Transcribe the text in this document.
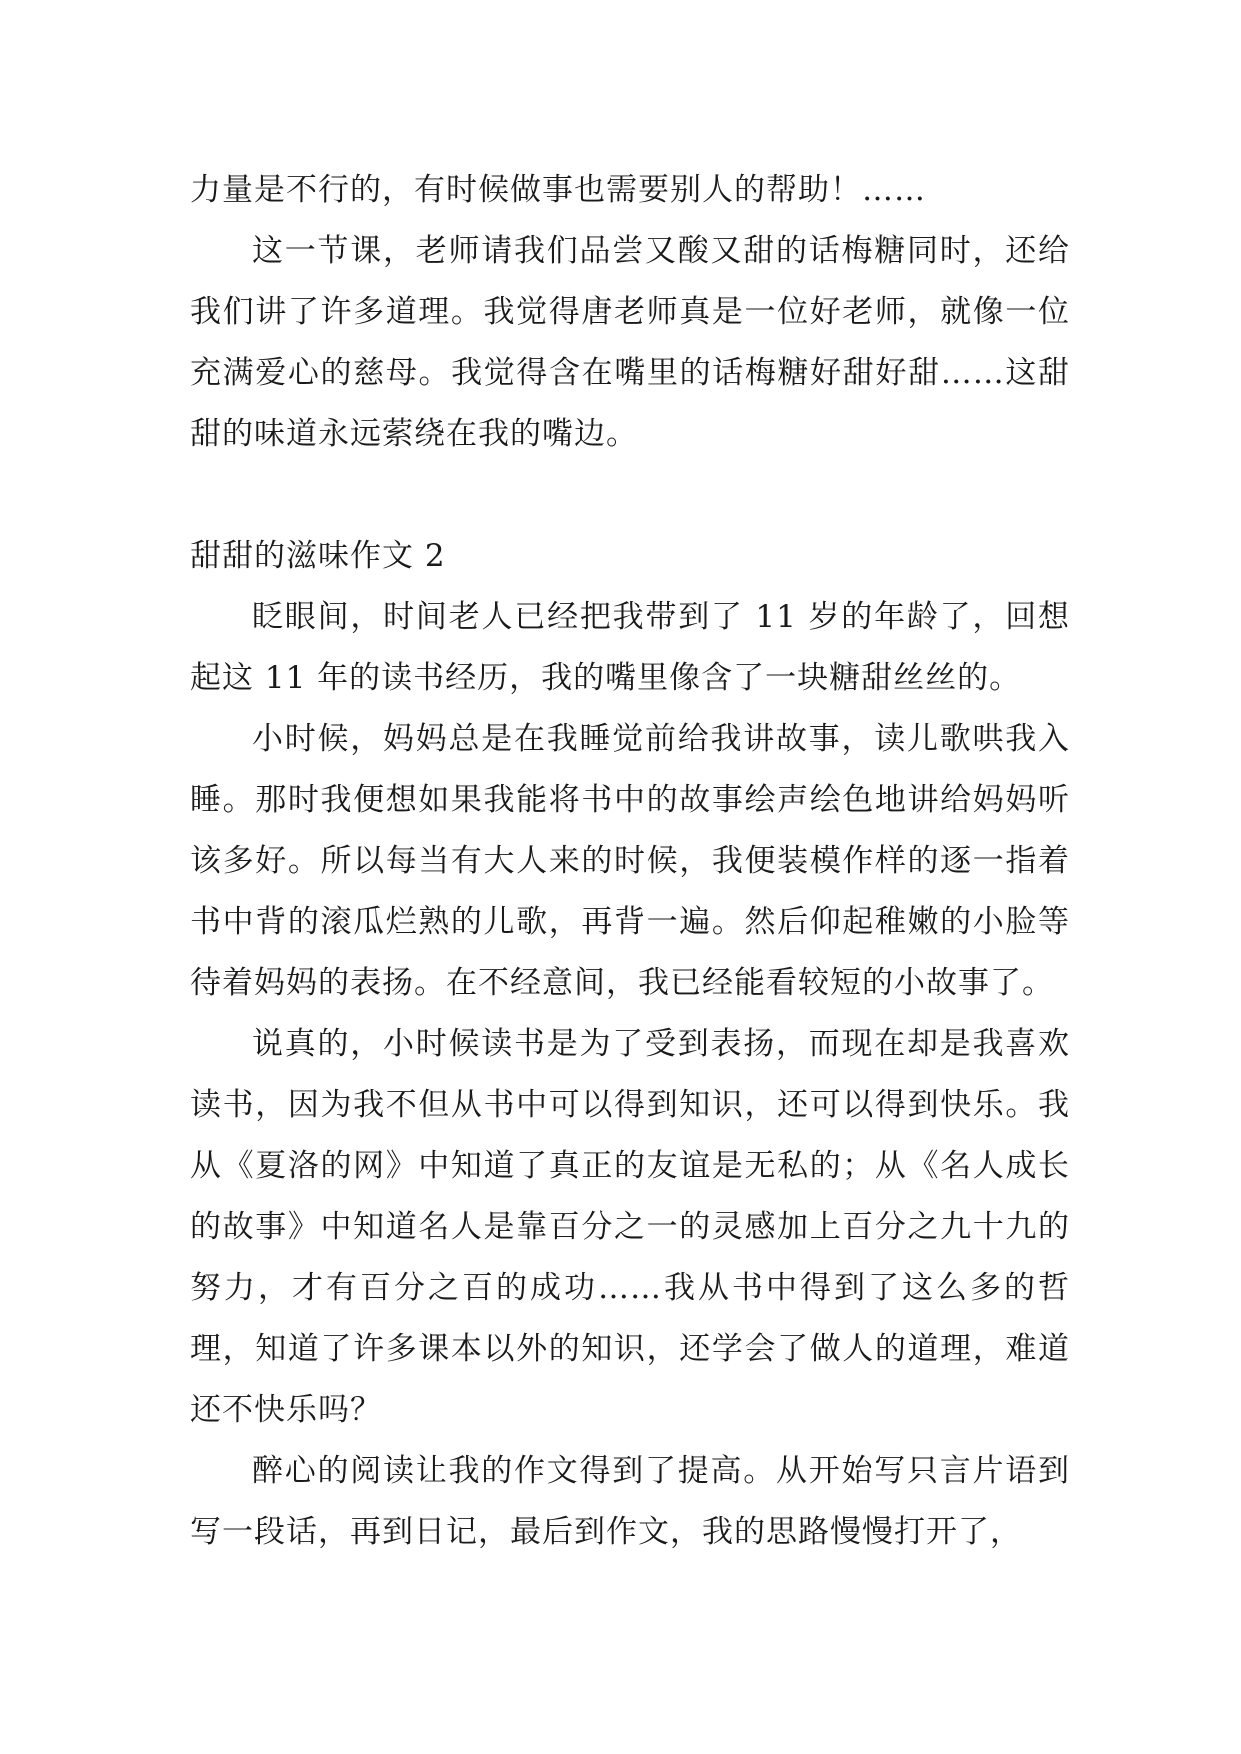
力量是不行的，有时候做事也需要别人的帮助！……

这一节课，老师请我们品尝又酸又甜的话梅糖同时，还给我们讲了许多道理。我觉得唐老师真是一位好老师，就像一位充满爱心的慈母。我觉得含在嘴里的话梅糖好甜好甜……这甜甜的味道永远萦绕在我的嘴边。

甜甜的滋味作文 2

眨眼间，时间老人已经把我带到了 11 岁的年龄了，回想起这 11 年的读书经历，我的嘴里像含了一块糖甜丝丝的。

小时候，妈妈总是在我睡觉前给我讲故事，读儿歌哄我入睡。那时我便想如果我能将书中的故事绘声绘色地讲给妈妈听该多好。所以每当有大人来的时候，我便装模作样的逐一指着书中背的滚瓜烂熟的儿歌，再背一遍。然后仰起稚嫩的小脸等待着妈妈的表扬。在不经意间，我已经能看较短的小故事了。

说真的，小时候读书是为了受到表扬，而现在却是我喜欢读书，因为我不但从书中可以得到知识，还可以得到快乐。我从《夏洛的网》中知道了真正的友谊是无私的；从《名人成长的故事》中知道名人是靠百分之一的灵感加上百分之九十九的努力，才有百分之百的成功……我从书中得到了这么多的哲理，知道了许多课本以外的知识，还学会了做人的道理，难道还不快乐吗？

醉心的阅读让我的作文得到了提高。从开始写只言片语到写一段话，再到日记，最后到作文，我的思路慢慢打开了，
